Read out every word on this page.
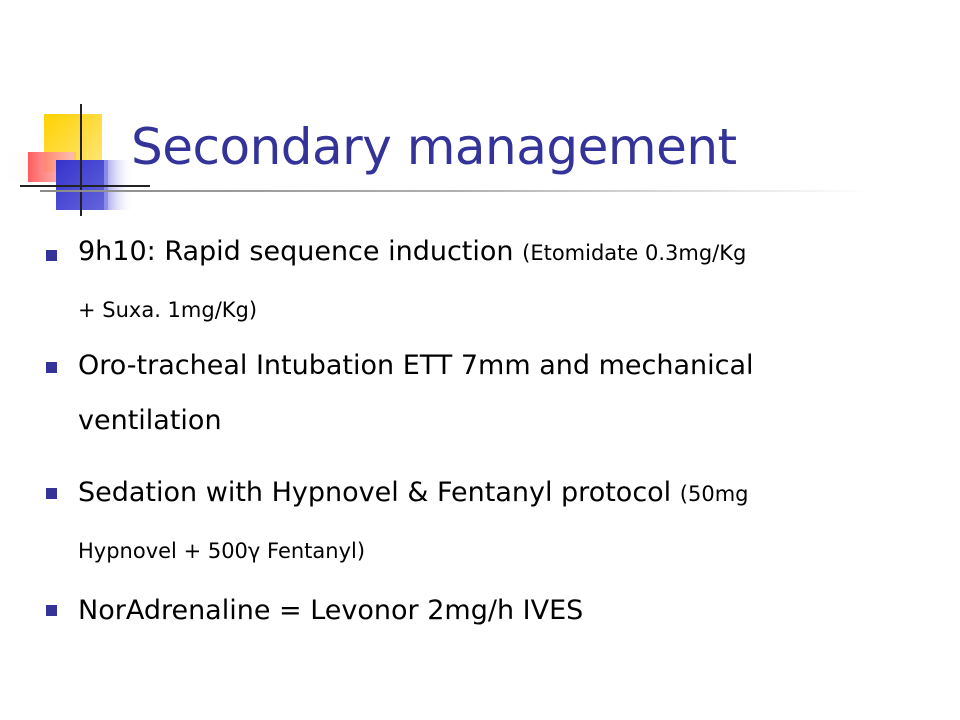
Secondary management
9h10: Rapid sequence induction (Etomidate 0.3mg/Kg
+ Suxa. 1mg/Kg)
Oro-tracheal Intubation ETT 7mm and mechanical
ventilation
Sedation with Hypnovel & Fentanyl protocol (50mg
Hypnovel + 500γ Fentanyl)
NorAdrenaline = Levonor 2mg/h IVES
